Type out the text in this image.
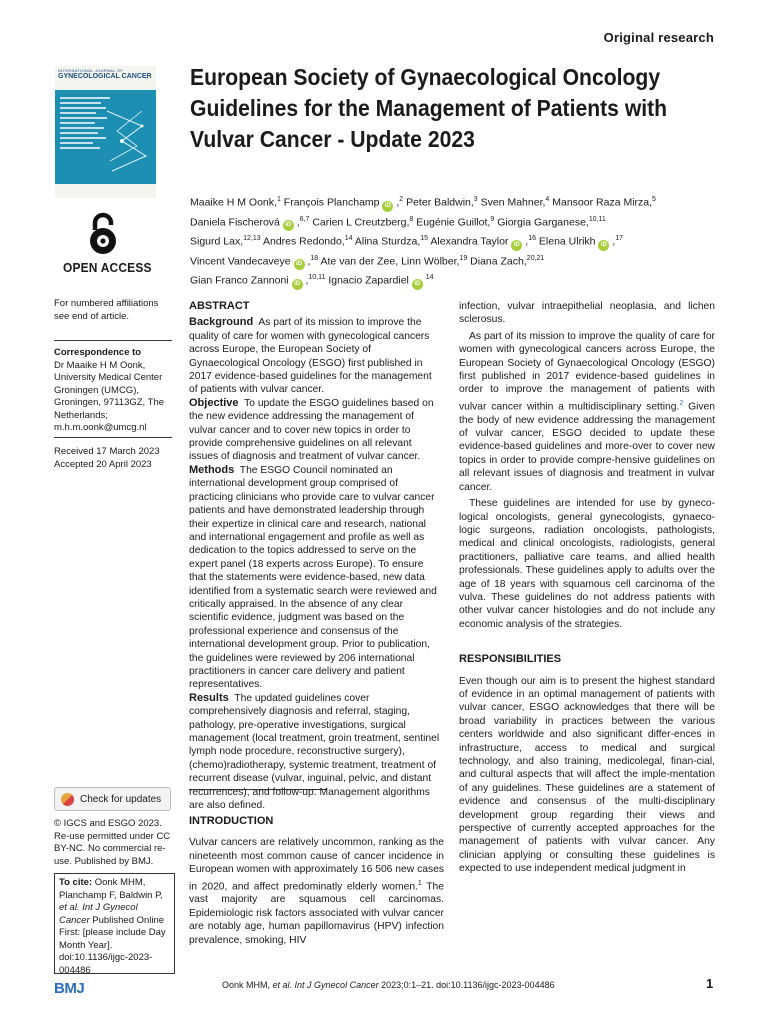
Original research
INTERNATIONAL JOURNAL OF
GYNECOLOGICAL CANCER
OPEN ACCESS
European Society of Gynaecological Oncology Guidelines for the Management of Patients with Vulvar Cancer - Update 2023
Maaike H M Oonk,$^1$ François Planchamp iD ,$^2$ Peter Baldwin,$^3$ Sven Mahner,$^4$ Mansoor Raza Mirza,$^5$
Daniela Fischerová iD ,$^{6,7}$ Carien L Creutzberg,$^8$ Eugénie Guillot,$^9$ Giorgia Garganese,$^{10,11}$
Sigurd Lax,$^{12,13}$ Andres Redondo,$^{14}$ Alina Sturdza,$^{15}$ Alexandra Taylor iD ,$^{16}$ Elena Ulrikh iD ,$^{17}$
Vincent Vandecaveye iD ,$^{18}$ Ate van der Zee, Linn Wölber,$^{19}$ Diana Zach,$^{20,21}$
Gian Franco Zannoni iD ,$^{10,11}$ Ignacio Zapardiel iD $^{14}$
For numbered affiliations see end of article.
Correspondence to
Dr Maaike H M Oonk, University Medical Center Groningen (UMCG), Groningen, 97113GZ, The Netherlands; m.h.m.oonk@umcg.nl
Received 17 March 2023
Accepted 20 April 2023
Check for updates
© IGCS and ESGO 2023. Re-use permitted under CC BY-NC. No commercial re-use. Published by BMJ.
To cite: Oonk MHM, Planchamp F, Baldwin P, et al. Int J Gynecol Cancer Published Online First: [please include Day Month Year]. doi:10.1136/ijgc-2023-004486
ABSTRACT

Background As part of its mission to improve the quality of care for women with gynecological cancers across Europe, the European Society of Gynaecological Oncology (ESGO) first published in 2017 evidence-based guidelines for the management of patients with vulvar cancer.

Objective To update the ESGO guidelines based on the new evidence addressing the management of vulvar cancer and to cover new topics in order to provide comprehensive guidelines on all relevant issues of diagnosis and treatment of vulvar cancer.

Methods The ESGO Council nominated an international development group comprised of practicing clinicians who provide care to vulvar cancer patients and have demonstrated leadership through their expertize in clinical care and research, national and international engagement and profile as well as dedication to the topics addressed to serve on the expert panel (18 experts across Europe). To ensure that the statements were evidence-based, new data identified from a systematic search were reviewed and critically appraised. In the absence of any clear scientific evidence, judgment was based on the professional experience and consensus of the international development group. Prior to publication, the guidelines were reviewed by 206 international practitioners in cancer care delivery and patient representatives.

Results The updated guidelines cover comprehensively diagnosis and referral, staging, pathology, pre-operative investigations, surgical management (local treatment, groin treatment, sentinel lymph node procedure, reconstructive surgery), (chemo)radiotherapy, systemic treatment, treatment of recurrent disease (vulvar, inguinal, pelvic, and distant recurrences), and follow-up. Management algorithms are also defined.

INTRODUCTION

Vulvar cancers are relatively uncommon, ranking as the nineteenth most common cause of cancer incidence in European women with approximately 16 506 new cases in 2020, and affect predominatly elderly women.$^1$ The vast majority are squamous cell carcinomas. Epidemiologic risk factors associated with vulvar cancer are notably age, human papillomavirus (HPV) infection prevalence, smoking, HIV

infection, vulvar intraepithelial neoplasia, and lichen sclerosus.

As part of its mission to improve the quality of care for women with gynecological cancers across Europe, the European Society of Gynaecological Oncology (ESGO) first published in 2017 evidence-based guidelines in order to improve the management of patients with vulvar cancer within a multidisciplinary setting.$^2$ Given the body of new evidence addressing the management of vulvar cancer, ESGO decided to update these evidence-based guidelines and more-over to cover new topics in order to provide compre-hensive guidelines on all relevant issues of diagnosis and treatment in vulvar cancer.

These guidelines are intended for use by gyneco-logical oncologists, general gynecologists, gynaeco-logic surgeons, radiation oncologists, pathologists, medical and clinical oncologists, radiologists, general practitioners, palliative care teams, and allied health professionals. These guidelines apply to adults over the age of 18 years with squamous cell carcinoma of the vulva. These guidelines do not address patients with other vulvar cancer histologies and do not include any economic analysis of the strategies.

RESPONSIBILITIES

Even though our aim is to present the highest standard of evidence in an optimal management of patients with vulvar cancer, ESGO acknowledges that there will be broad variability in practices between the various centers worldwide and also significant differ-ences in infrastructure, access to medical and surgical technology, and also training, medicolegal, finan-cial, and cultural aspects that will affect the imple-mentation of any guidelines. These guidelines are a statement of evidence and consensus of the multi-disciplinary development group regarding their views and perspective of currently accepted approaches for the management of patients with vulvar cancer. Any clinician applying or consulting these guidelines is expected to use independent medical judgment in

BMJ	Oonk MHM, et al. Int J Gynecol Cancer 2023;0:1–21. doi:10.1136/ijgc-2023-004486	1
